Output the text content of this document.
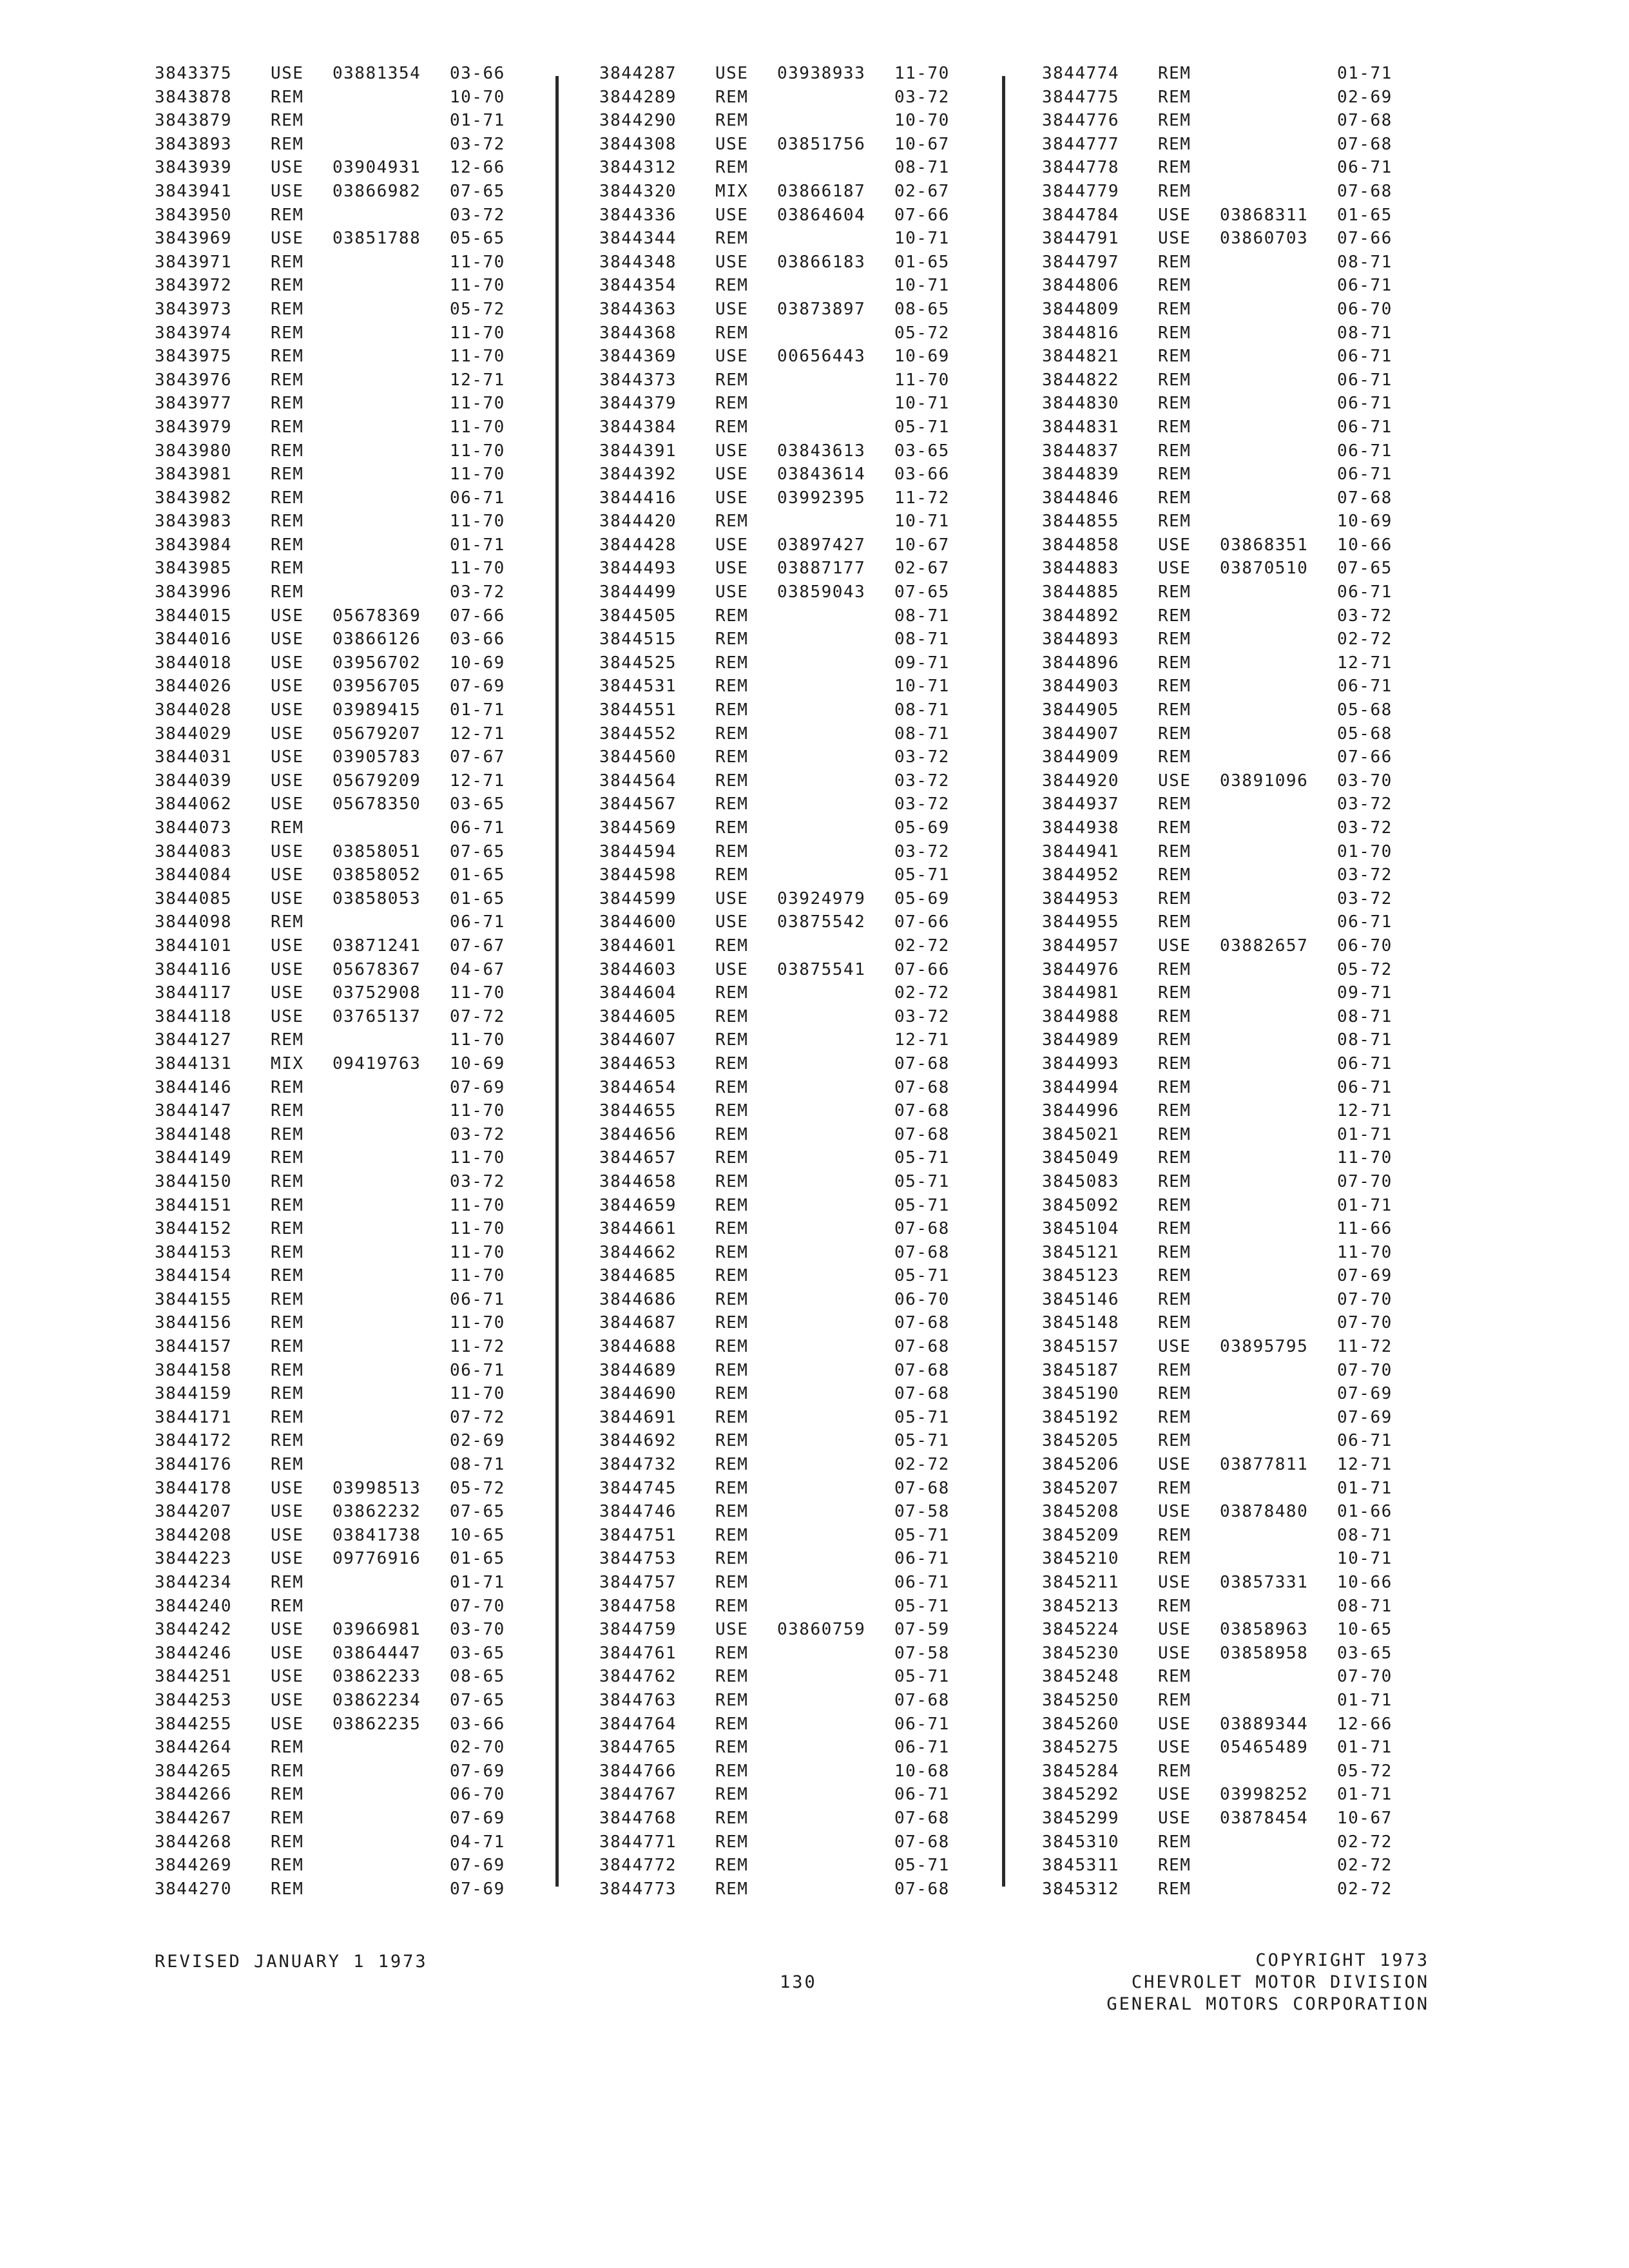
3843375 USE 03881354 03-66
3843878 REM	10-70
3843879 REM	01-71
3843893 REM	03-72
3843939 USE 03904931 12-66
3843941 USE 03866982 07-65
3843950 REM	03-72
3843969 USE 03851788 05-65
3843971 REM	11-70
3843972 REM	11-70
3843973 REM	05-72
3843974 REM	11-70
3843975 REM	11-70
3843976 REM	12-71
3843977 REM	11-70
3843979 REM	11-70
3843980 REM	11-70
3843981 REM	11-70
3843982 REM	06-71
3843983 REM	11-70
3843984 REM	01-71
3843985 REM	11-70
3843996 REM	03-72
3844015 USE 05678369 07-66
3844016 USE 03866126 03-66
3844018 USE 03956702 10-69
3844026 USE 03956705 07-69
3844028 USE 03989415 01-71
3844029 USE 05679207 12-71
3844031 USE 03905783 07-67
3844039 USE 05679209 12-71
3844062 USE 05678350 03-65
3844073 REM	06-71
3844083 USE 03858051 07-65
3844084 USE 03858052 01-65
3844085 USE 03858053 01-65
3844098 REM	06-71
3844101 USE 03871241 07-67
3844116 USE 05678367 04-67
3844117 USE 03752908 11-70
3844118 USE 03765137 07-72
3844127 REM	11-70
3844131 MIX 09419763 10-69
3844146 REM	07-69
3844147 REM	11-70
3844148 REM	03-72
3844149 REM	11-70
3844150 REM	03-72
3844151 REM	11-70
3844152 REM	11-70
3844153 REM	11-70
3844154 REM	11-70
3844155 REM	06-71
3844156 REM	11-70
3844157 REM	11-72
3844158 REM	06-71
3844159 REM	11-70
3844171 REM	07-72
3844172 REM	02-69
3844176 REM	08-71
3844178 USE 03998513 05-72
3844207 USE 03862232 07-65
3844208 USE 03841738 10-65
3844223 USE 09776916 01-65
3844234 REM	01-71
3844240 REM	07-70
3844242 USE 03966981 03-70
3844246 USE 03864447 03-65
3844251 USE 03862233 08-65
3844253 USE 03862234 07-65
3844255 USE 03862235 03-66
3844264 REM	02-70
3844265 REM	07-69
3844266 REM	06-70
3844267 REM	07-69
3844268 REM	04-71
3844269 REM	07-69
3844270 REM	07-69
3844287 USE 03938933 11-70
3844289 REM	03-72
3844290 REM	10-70
3844308 USE 03851756 10-67
3844312 REM	08-71
3844320 MIX 03866187 02-67
3844336 USE 03864604 07-66
3844344 REM	10-71
3844348 USE 03866183 01-65
3844354 REM	10-71
3844363 USE 03873897 08-65
3844368 REM	05-72
3844369 USE 00656443 10-69
3844373 REM	11-70
3844379 REM	10-71
3844384 REM	05-71
3844391 USE 03843613 03-65
3844392 USE 03843614 03-66
3844416 USE 03992395 11-72
3844420 REM	10-71
3844428 USE 03897427 10-67
3844493 USE 03887177 02-67
3844499 USE 03859043 07-65
3844505 REM	08-71
3844515 REM	08-71
3844525 REM	09-71
3844531 REM	10-71
3844551 REM	08-71
3844552 REM	08-71
3844560 REM	03-72
3844564 REM	03-72
3844567 REM	03-72
3844569 REM	05-69
3844594 REM	03-72
3844598 REM	05-71
3844599 USE 03924979 05-69
3844600 USE 03875542 07-66
3844601 REM	02-72
3844603 USE 03875541 07-66
3844604 REM	02-72
3844605 REM	03-72
3844607 REM	12-71
3844653 REM	07-68
3844654 REM	07-68
3844655 REM	07-68
3844656 REM	07-68
3844657 REM	05-71
3844658 REM	05-71
3844659 REM	05-71
3844661 REM	07-68
3844662 REM	07-68
3844685 REM	05-71
3844686 REM	06-70
3844687 REM	07-68
3844688 REM	07-68
3844689 REM	07-68
3844690 REM	07-68
3844691 REM	05-71
3844692 REM	05-71
3844732 REM	02-72
3844745 REM	07-68
3844746 REM	07-58
3844751 REM	05-71
3844753 REM	06-71
3844757 REM	06-71
3844758 REM	05-71
3844759 USE 03860759 07-59
3844761 REM	07-58
3844762 REM	05-71
3844763 REM	07-68
3844764 REM	06-71
3844765 REM	06-71
3844766 REM	10-68
3844767 REM	06-71
3844768 REM	07-68
3844771 REM	07-68
3844772 REM	05-71
3844773 REM	07-68
3844774 REM	01-71
3844775 REM	02-69
3844776 REM	07-68
3844777 REM	07-68
3844778 REM	06-71
3844779 REM	07-68
3844784 USE 03868311 01-65
3844791 USE 03860703 07-66
3844797 REM	08-71
3844806 REM	06-71
3844809 REM	06-70
3844816 REM	08-71
3844821 REM	06-71
3844822 REM	06-71
3844830 REM	06-71
3844831 REM	06-71
3844837 REM	06-71
3844839 REM	06-71
3844846 REM	07-68
3844855 REM	10-69
3844858 USE 03868351 10-66
3844883 USE 03870510 07-65
3844885 REM	06-71
3844892 REM	03-72
3844893 REM	02-72
3844896 REM	12-71
3844903 REM	06-71
3844905 REM	05-68
3844907 REM	05-68
3844909 REM	07-66
3844920 USE 03891096 03-70
3844937 REM	03-72
3844938 REM	03-72
3844941 REM	01-70
3844952 REM	03-72
3844953 REM	03-72
3844955 REM	06-71
3844957 USE 03882657 06-70
3844976 REM	05-72
3844981 REM	09-71
3844988 REM	08-71
3844989 REM	08-71
3844993 REM	06-71
3844994 REM	06-71
3844996 REM	12-71
3845021 REM	01-71
3845049 REM	11-70
3845083 REM	07-70
3845092 REM	01-71
3845104 REM	11-66
3845121 REM	11-70
3845123 REM	07-69
3845146 REM	07-70
3845148 REM	07-70
3845157 USE 03895795 11-72
3845187 REM	07-70
3845190 REM	07-69
3845192 REM	07-69
3845205 REM	06-71
3845206 USE 03877811 12-71
3845207 REM	01-71
3845208 USE 03878480 01-66
3845209 REM	08-71
3845210 REM	10-71
3845211 USE 03857331 10-66
3845213 REM	08-71
3845224 USE 03858963 10-65
3845230 USE 03858958 03-65
3845248 REM	07-70
3845250 REM	01-71
3845260 USE 03889344 12-66
3845275 USE 05465489 01-71
3845284 REM	05-72
3845292 USE 03998252 01-71
3845299 USE 03878454 10-67
3845310 REM	02-72
3845311 REM	02-72
3845312 REM	02-72
REVISED JANUARY 1 1973
130
COPYRIGHT 1973
CHEVROLET MOTOR DIVISION
GENERAL MOTORS CORPORATION
